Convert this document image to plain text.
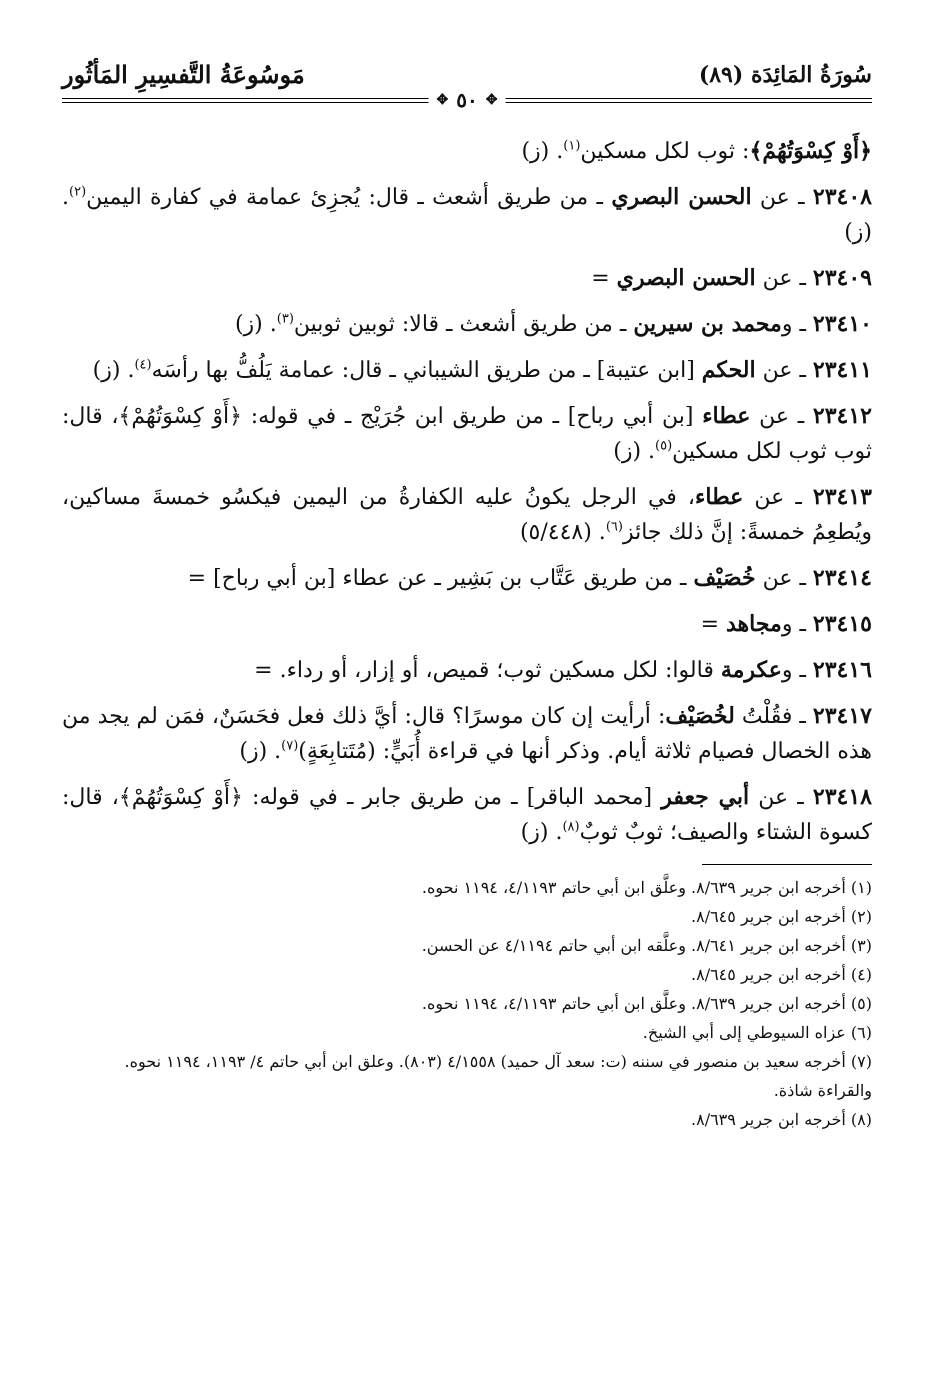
سُورَةُ المَائِدَة (٨٩)
مَوسُوعَةُ التَّفسِيرِ المَأثُور
✥ ٥٠ ✥

﴿أَوْ كِسْوَتُهُمْ﴾: ثوب لكل مسكين$^{(١)}$. (ز)

٢٣٤٠٨ ـ عن الحسن البصري ـ من طريق أشعث ـ قال: يُجزِئ عمامة في كفارة اليمين$^{(٢)}$. (ز)

٢٣٤٠٩ ـ عن الحسن البصري =

٢٣٤١٠ ـ ومحمد بن سيرين ـ من طريق أشعث ـ قالا: ثوبين ثوبين$^{(٣)}$. (ز)

٢٣٤١١ ـ عن الحكم [ابن عتيبة] ـ من طريق الشيباني ـ قال: عمامة يَلُفُّ بها رأسَه$^{(٤)}$. (ز)

٢٣٤١٢ ـ عن عطاء [بن أبي رباح] ـ من طريق ابن جُرَيْج ـ في قوله: ﴿أَوْ كِسْوَتُهُمْ﴾، قال: ثوب ثوب لكل مسكين$^{(٥)}$. (ز)

٢٣٤١٣ ـ عن عطاء، في الرجل يكونُ عليه الكفارةُ من اليمين فيكسُو خمسةَ مساكين، ويُطعِمُ خمسةً: إنَّ ذلك جائز$^{(٦)}$. (٥/٤٤٨)

٢٣٤١٤ ـ عن خُصَيْف ـ من طريق عَتَّاب بن بَشِير ـ عن عطاء [بن أبي رباح] =

٢٣٤١٥ ـ ومجاهد =

٢٣٤١٦ ـ وعكرمة قالوا: لكل مسكين ثوب؛ قميص، أو إزار، أو رداء. =

٢٣٤١٧ ـ فقُلْتُ لخُصَيْف: أرأيت إن كان موسرًا؟ قال: أيَّ ذلك فعل فحَسَنٌ، فمَن لم يجد من هذه الخصال فصيام ثلاثة أيام. وذكر أنها في قراءة أُبَيٍّ: (مُتَتابِعَةٍ)$^{(٧)}$. (ز)

٢٣٤١٨ ـ عن أبي جعفر [محمد الباقر] ـ من طريق جابر ـ في قوله: ﴿أَوْ كِسْوَتُهُمْ﴾، قال: كسوة الشتاء والصيف؛ ثوبٌ ثوبٌ$^{(٨)}$. (ز)

(١) أخرجه ابن جرير ٨/٦٣٩. وعلَّق ابن أبي حاتم ٤/١١٩٣، ١١٩٤ نحوه.

(٢) أخرجه ابن جرير ٨/٦٤٥.

(٣) أخرجه ابن جرير ٨/٦٤١. وعلَّقه ابن أبي حاتم ٤/١١٩٤ عن الحسن.

(٤) أخرجه ابن جرير ٨/٦٤٥.

(٥) أخرجه ابن جرير ٨/٦٣٩. وعلَّق ابن أبي حاتم ٤/١١٩٣، ١١٩٤ نحوه.

(٦) عزاه السيوطي إلى أبي الشيخ.

(٧) أخرجه سعيد بن منصور في سننه (ت: سعد آل حميد) ٤/١٥٥٨ (٨٠٣). وعلق ابن أبي حاتم ٤/ ١١٩٣، ١١٩٤ نحوه.

والقراءة شاذة.

(٨) أخرجه ابن جرير ٨/٦٣٩.
